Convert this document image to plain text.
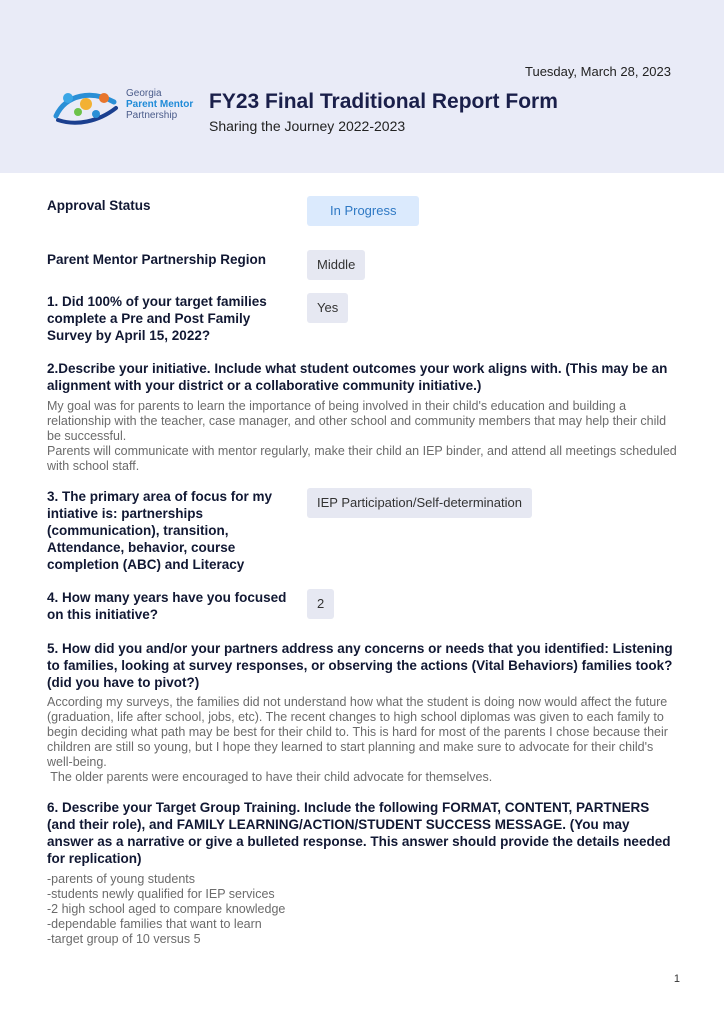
Tuesday, March 28, 2023
Georgia
Parent Mentor
Partnership
FY23 Final Traditional Report Form
Sharing the Journey 2022-2023
Approval Status	In Progress
Parent Mentor Partnership Region	Middle
1. Did 100% of your target families complete a Pre and Post Family Survey by April 15, 2022?
Yes
2.Describe your initiative. Include what student outcomes your work aligns with. (This may be an alignment with your district or a collaborative community initiative.)

My goal was for parents to learn the importance of being involved in their child's education and building a relationship with the teacher, case manager, and other school and community members that may help their child be successful.

Parents will communicate with mentor regularly, make their child an IEP binder, and attend all meetings scheduled with school staff.

3. The primary area of focus for my intiative is: partnerships (communication), transition, Attendance, behavior, course completion (ABC) and Literacy
IEP Participation/Self-determination
4. How many years have you focused on this initiative?
2
5. How did you and/or your partners address any concerns or needs that you identified: Listening to families, looking at survey responses, or observing the actions (Vital Behaviors) families took? (did you have to pivot?)

According my surveys, the families did not understand how what the student is doing now would affect the future (graduation, life after school, jobs, etc). The recent changes to high school diplomas was given to each family to begin deciding what path may be best for their child to. This is hard for most of the parents I chose because their children are still so young, but I hope they learned to start planning and make sure to advocate for their child's well-being.

The older parents were encouraged to have their child advocate for themselves.

6. Describe your Target Group Training. Include the following FORMAT, CONTENT, PARTNERS (and their role), and FAMILY LEARNING/ACTION/STUDENT SUCCESS MESSAGE. (You may answer as a narrative or give a bulleted response. This answer should provide the details needed for replication)

-parents of young students

-students newly qualified for IEP services

-2 high school aged to compare knowledge

-dependable families that want to learn

-target group of 10 versus 5

1
